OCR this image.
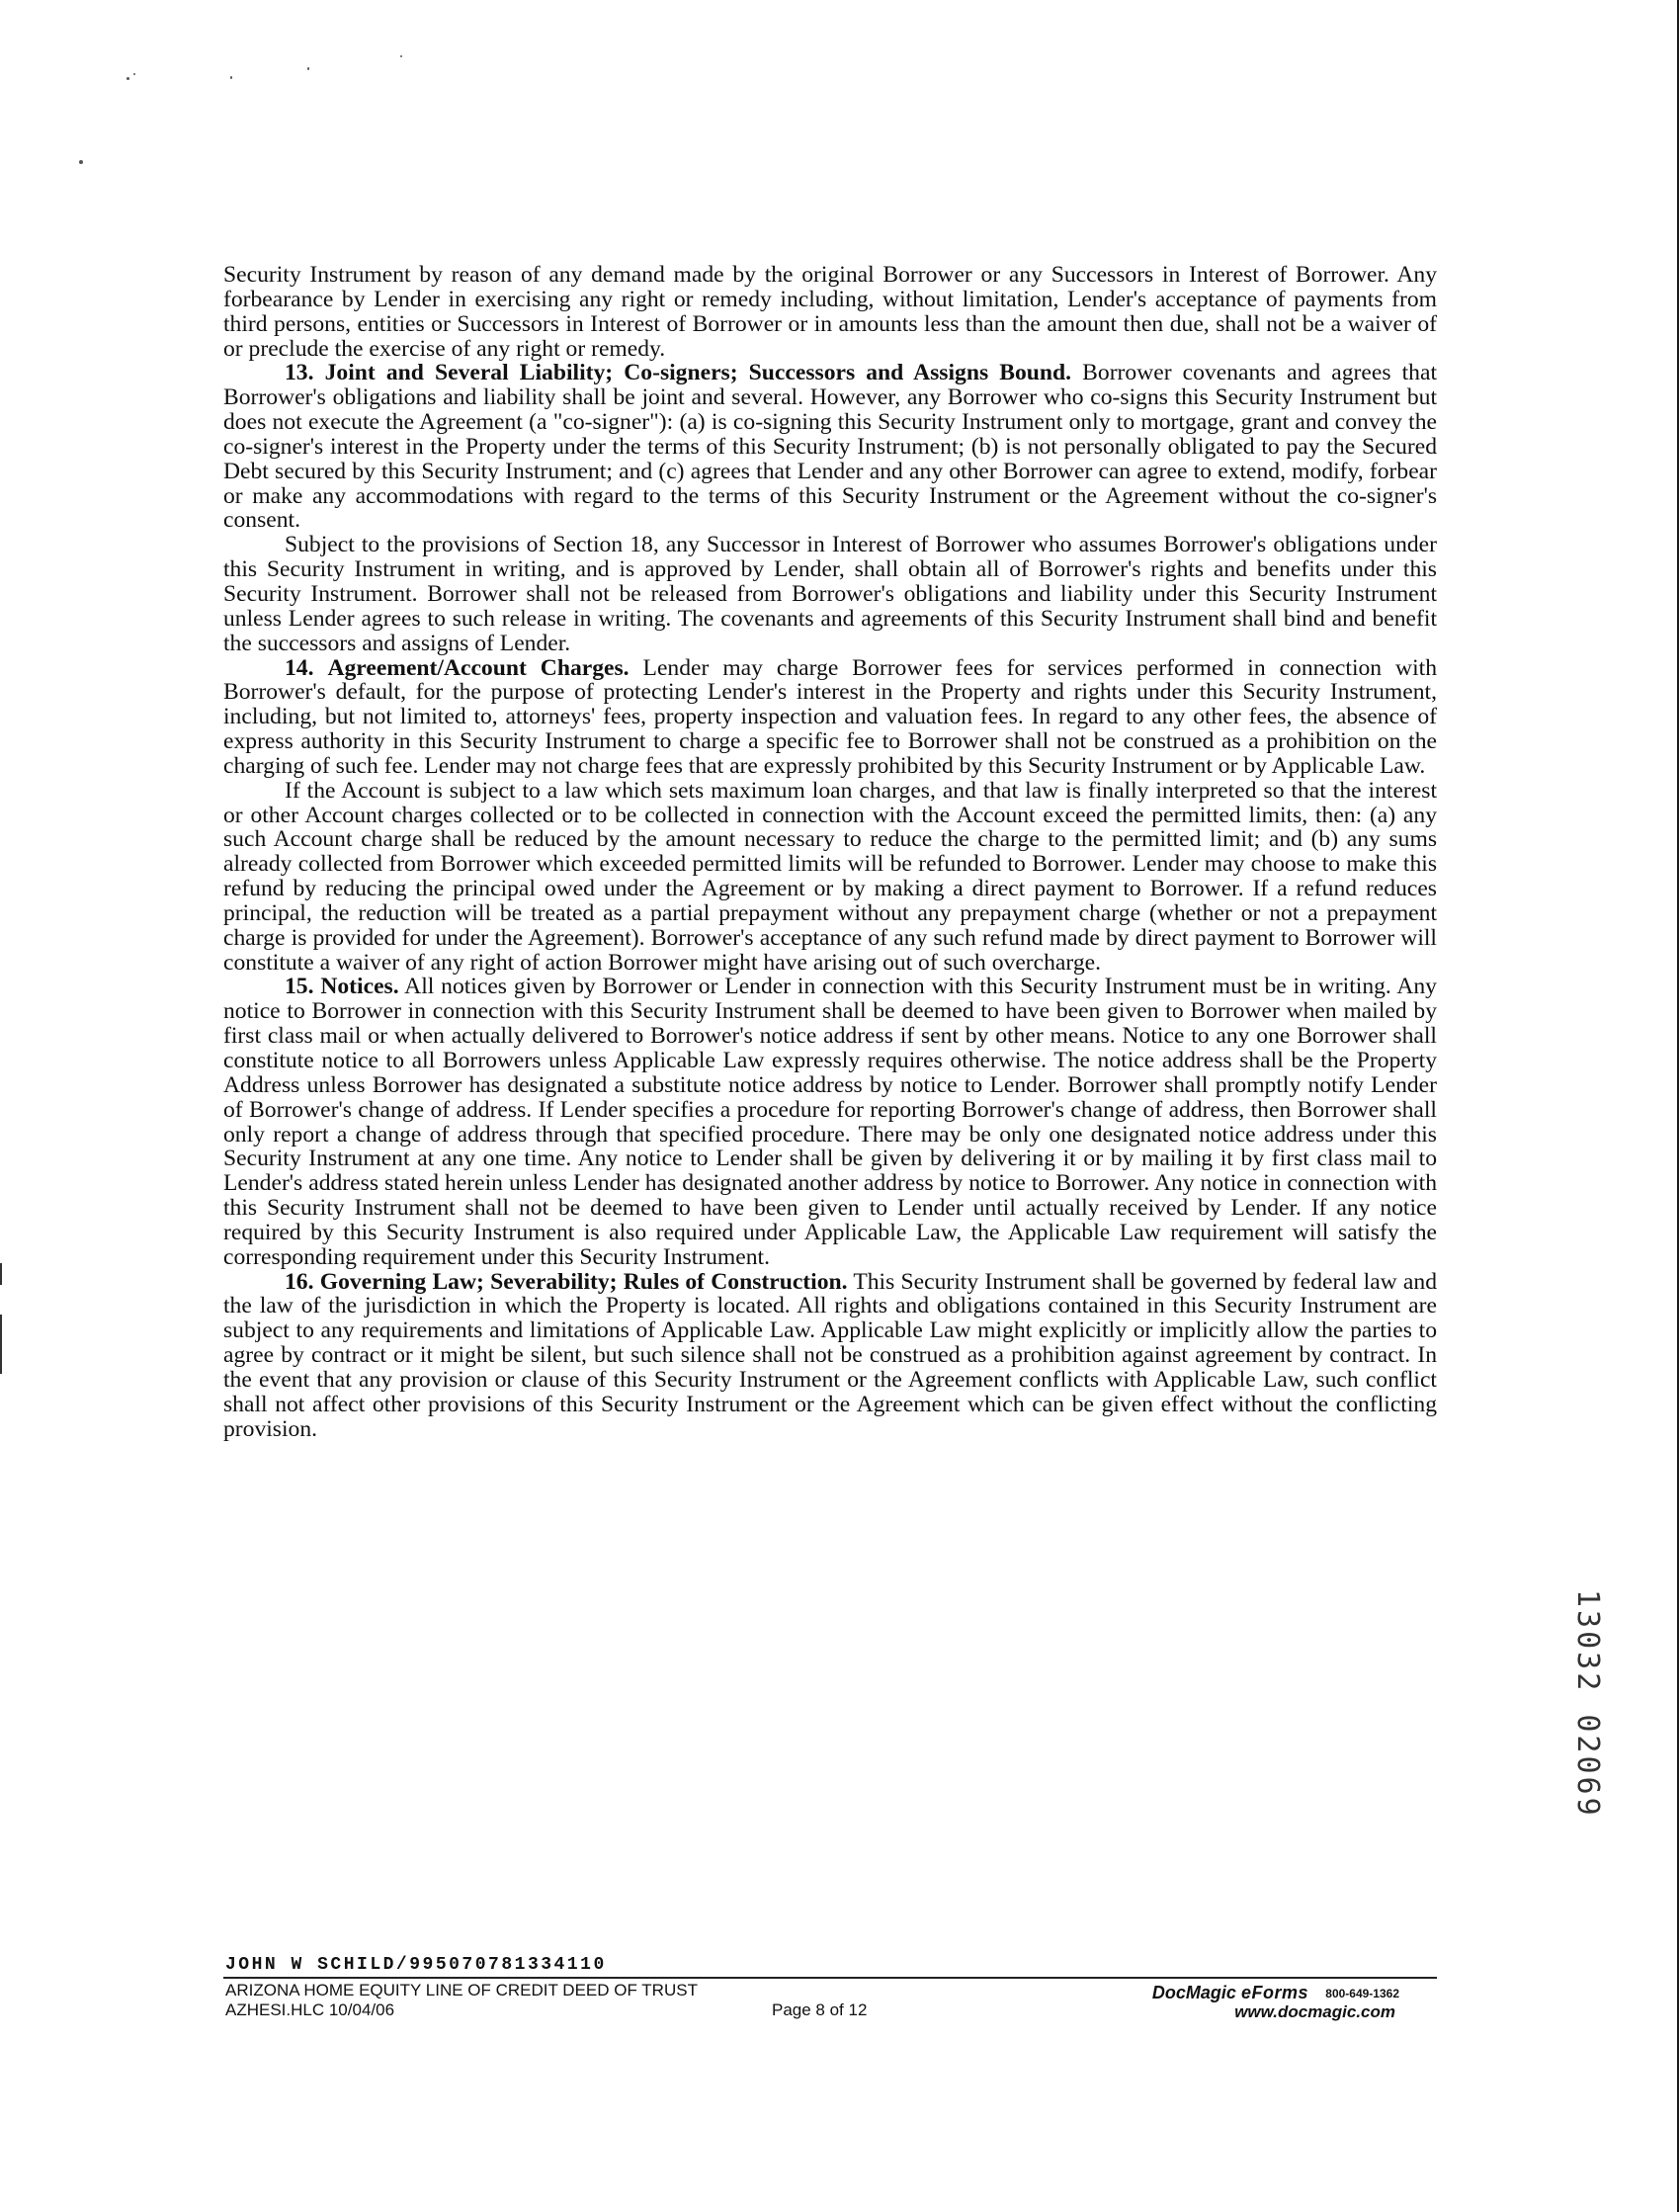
Security Instrument by reason of any demand made by the original Borrower or any Successors in Interest of Borrower. Any forbearance by Lender in exercising any right or remedy including, without limitation, Lender's acceptance of payments from third persons, entities or Successors in Interest of Borrower or in amounts less than the amount then due, shall not be a waiver of or preclude the exercise of any right or remedy.

13. Joint and Several Liability; Co-signers; Successors and Assigns Bound. Borrower covenants and agrees that Borrower's obligations and liability shall be joint and several. However, any Borrower who co-signs this Security Instrument but does not execute the Agreement (a "co-signer"): (a) is co-signing this Security Instrument only to mortgage, grant and convey the co-signer's interest in the Property under the terms of this Security Instrument; (b) is not personally obligated to pay the Secured Debt secured by this Security Instrument; and (c) agrees that Lender and any other Borrower can agree to extend, modify, forbear or make any accommodations with regard to the terms of this Security Instrument or the Agreement without the co-signer's consent.

Subject to the provisions of Section 18, any Successor in Interest of Borrower who assumes Borrower's obligations under this Security Instrument in writing, and is approved by Lender, shall obtain all of Borrower's rights and benefits under this Security Instrument. Borrower shall not be released from Borrower's obligations and liability under this Security Instrument unless Lender agrees to such release in writing. The covenants and agreements of this Security Instrument shall bind and benefit the successors and assigns of Lender.

14. Agreement/Account Charges. Lender may charge Borrower fees for services performed in connection with Borrower's default, for the purpose of protecting Lender's interest in the Property and rights under this Security Instrument, including, but not limited to, attorneys' fees, property inspection and valuation fees. In regard to any other fees, the absence of express authority in this Security Instrument to charge a specific fee to Borrower shall not be construed as a prohibition on the charging of such fee. Lender may not charge fees that are expressly prohibited by this Security Instrument or by Applicable Law.

If the Account is subject to a law which sets maximum loan charges, and that law is finally interpreted so that the interest or other Account charges collected or to be collected in connection with the Account exceed the permitted limits, then: (a) any such Account charge shall be reduced by the amount necessary to reduce the charge to the permitted limit; and (b) any sums already collected from Borrower which exceeded permitted limits will be refunded to Borrower. Lender may choose to make this refund by reducing the principal owed under the Agreement or by making a direct payment to Borrower. If a refund reduces principal, the reduction will be treated as a partial prepayment without any prepayment charge (whether or not a prepayment charge is provided for under the Agreement). Borrower's acceptance of any such refund made by direct payment to Borrower will constitute a waiver of any right of action Borrower might have arising out of such overcharge.

15. Notices. All notices given by Borrower or Lender in connection with this Security Instrument must be in writing. Any notice to Borrower in connection with this Security Instrument shall be deemed to have been given to Borrower when mailed by first class mail or when actually delivered to Borrower's notice address if sent by other means. Notice to any one Borrower shall constitute notice to all Borrowers unless Applicable Law expressly requires otherwise. The notice address shall be the Property Address unless Borrower has designated a substitute notice address by notice to Lender. Borrower shall promptly notify Lender of Borrower's change of address. If Lender specifies a procedure for reporting Borrower's change of address, then Borrower shall only report a change of address through that specified procedure. There may be only one designated notice address under this Security Instrument at any one time. Any notice to Lender shall be given by delivering it or by mailing it by first class mail to Lender's address stated herein unless Lender has designated another address by notice to Borrower. Any notice in connection with this Security Instrument shall not be deemed to have been given to Lender until actually received by Lender. If any notice required by this Security Instrument is also required under Applicable Law, the Applicable Law requirement will satisfy the corresponding requirement under this Security Instrument.

16. Governing Law; Severability; Rules of Construction. This Security Instrument shall be governed by federal law and the law of the jurisdiction in which the Property is located. All rights and obligations contained in this Security Instrument are subject to any requirements and limitations of Applicable Law. Applicable Law might explicitly or implicitly allow the parties to agree by contract or it might be silent, but such silence shall not be construed as a prohibition against agreement by contract. In the event that any provision or clause of this Security Instrument or the Agreement conflicts with Applicable Law, such conflict shall not affect other provisions of this Security Instrument or the Agreement which can be given effect without the conflicting provision.

JOHN W SCHILD/995070781334110
ARIZONA HOME EQUITY LINE OF CREDIT DEED OF TRUST
AZHESI.HLC 10/04/06	Page 8 of 12
DocMagic eForms 800-649-1362
www.docmagic.com
13032 02069
